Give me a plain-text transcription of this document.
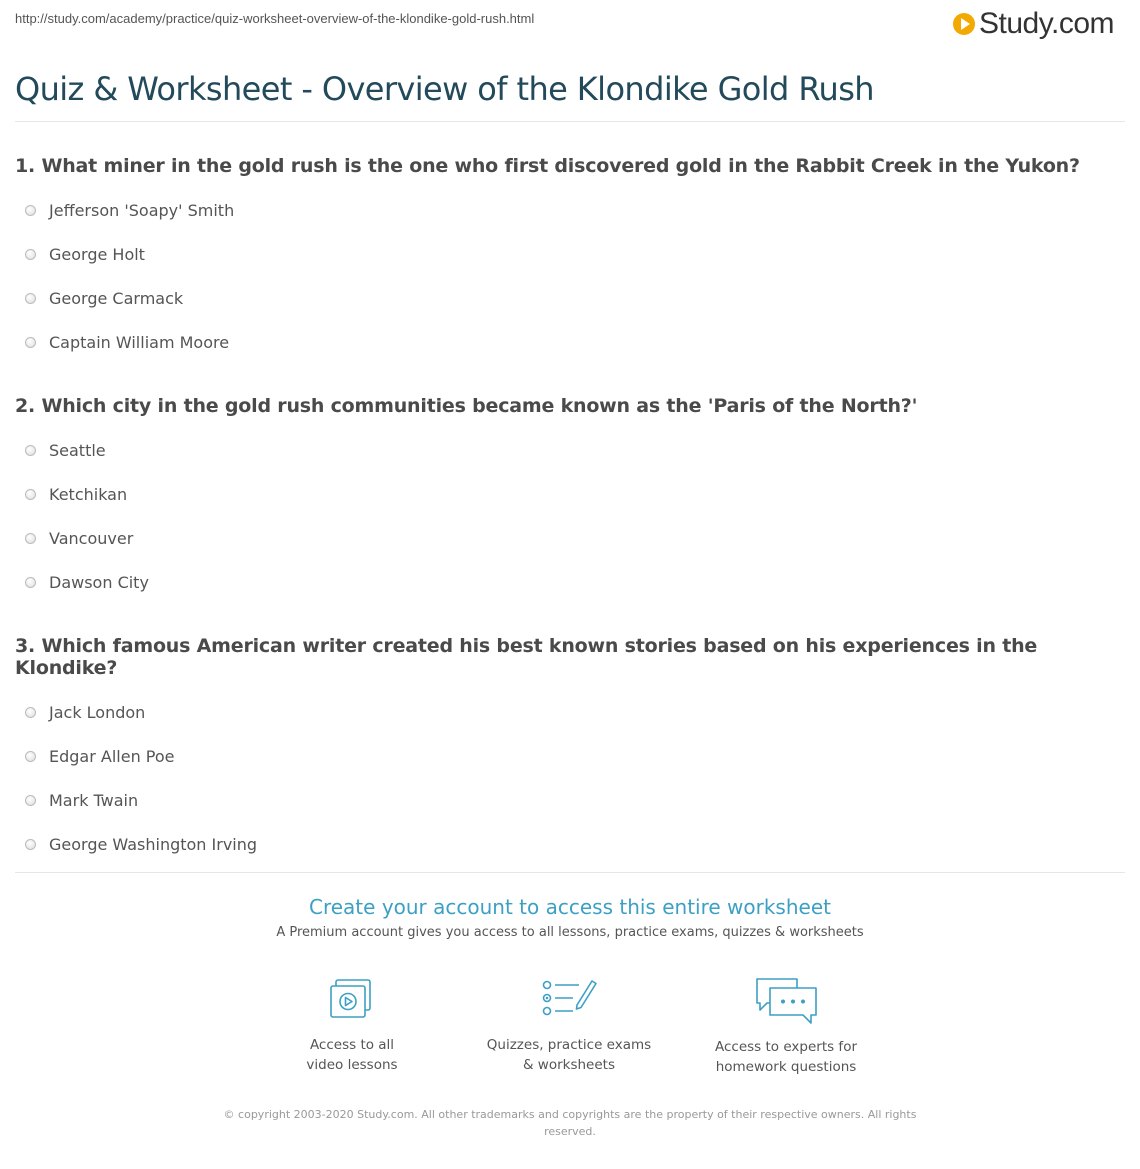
http://study.com/academy/practice/quiz-worksheet-overview-of-the-klondike-gold-rush.html	Study.com
Quiz & Worksheet - Overview of the Klondike Gold Rush

1. What miner in the gold rush is the one who first discovered gold in the Rabbit Creek in the Yukon?

Jefferson 'Soapy' Smith
George Holt
George Carmack
Captain William Moore

2. Which city in the gold rush communities became known as the 'Paris of the North?'

Seattle
Ketchikan
Vancouver
Dawson City

3. Which famous American writer created his best known stories based on his experiences in the Klondike?

Jack London
Edgar Allen Poe
Mark Twain
George Washington Irving
Create your account to access this entire worksheet
A Premium account gives you access to all lessons, practice exams, quizzes & worksheets
Access to all
video lessons
Quizzes, practice exams
& worksheets
Access to experts for
homework questions
© copyright 2003-2020 Study.com. All other trademarks and copyrights are the property of their respective owners. All rights
reserved.
